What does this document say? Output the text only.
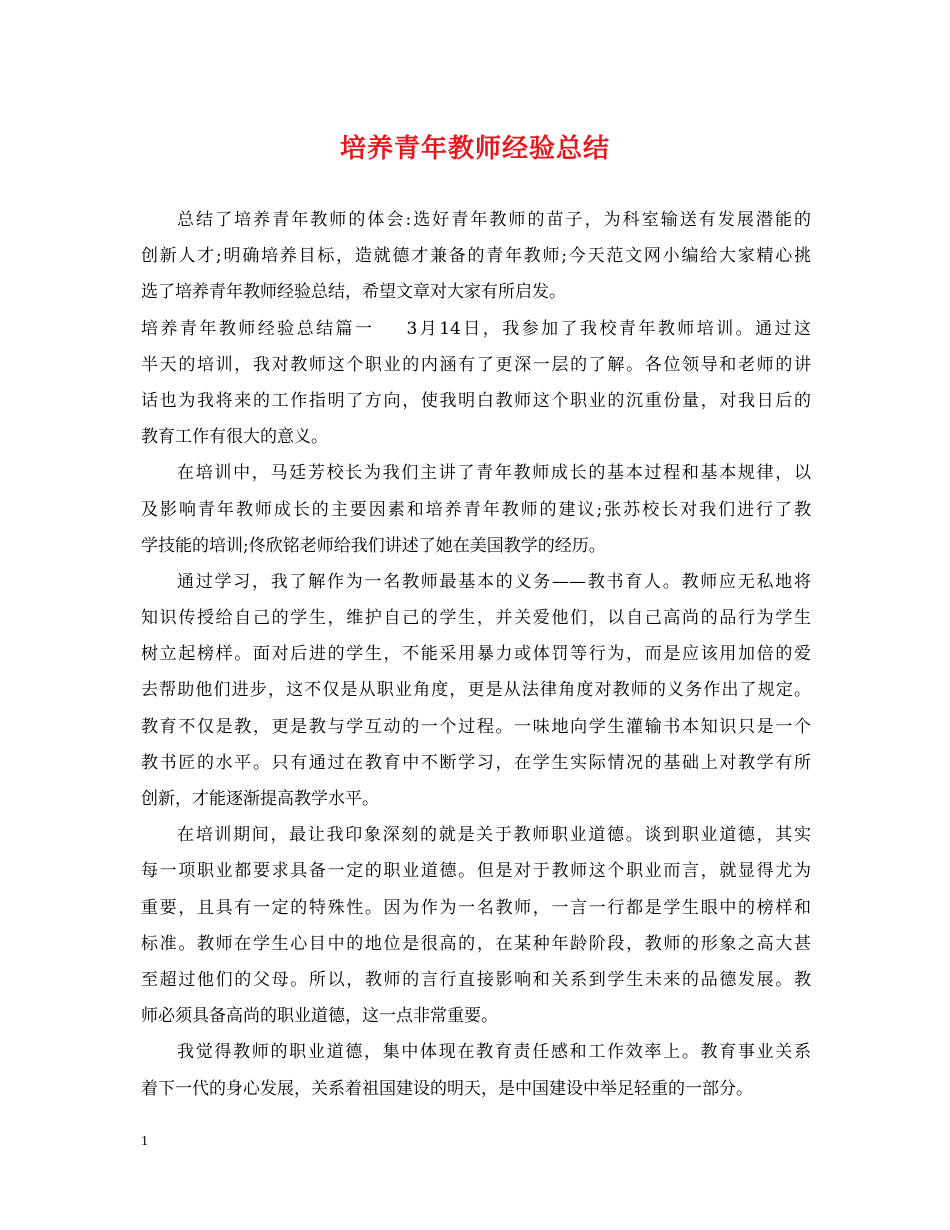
培养青年教师经验总结
总结了培养青年教师的体会:选好青年教师的苗子，为科室输送有发展潜能的
创新人才;明确培养目标，造就德才兼备的青年教师;今天范文网小编给大家精心挑
选了培养青年教师经验总结，希望文章对大家有所启发。
培养青年教师经验总结篇一 3月14日，我参加了我校青年教师培训。通过这
半天的培训，我对教师这个职业的内涵有了更深一层的了解。各位领导和老师的讲
话也为我将来的工作指明了方向，使我明白教师这个职业的沉重份量，对我日后的
教育工作有很大的意义。
在培训中，马廷芳校长为我们主讲了青年教师成长的基本过程和基本规律，以
及影响青年教师成长的主要因素和培养青年教师的建议;张苏校长对我们进行了教
学技能的培训;佟欣铭老师给我们讲述了她在美国教学的经历。
通过学习，我了解作为一名教师最基本的义务——教书育人。教师应无私地将
知识传授给自己的学生，维护自己的学生，并关爱他们，以自己高尚的品行为学生
树立起榜样。面对后进的学生，不能采用暴力或体罚等行为，而是应该用加倍的爱
去帮助他们进步，这不仅是从职业角度，更是从法律角度对教师的义务作出了规定。
教育不仅是教，更是教与学互动的一个过程。一味地向学生灌输书本知识只是一个
教书匠的水平。只有通过在教育中不断学习，在学生实际情况的基础上对教学有所
创新，才能逐渐提高教学水平。
在培训期间，最让我印象深刻的就是关于教师职业道德。谈到职业道德，其实
每一项职业都要求具备一定的职业道德。但是对于教师这个职业而言，就显得尤为
重要，且具有一定的特殊性。因为作为一名教师，一言一行都是学生眼中的榜样和
标准。教师在学生心目中的地位是很高的，在某种年龄阶段，教师的形象之高大甚
至超过他们的父母。所以，教师的言行直接影响和关系到学生未来的品德发展。教
师必须具备高尚的职业道德，这一点非常重要。
我觉得教师的职业道德，集中体现在教育责任感和工作效率上。教育事业关系
着下一代的身心发展，关系着祖国建设的明天，是中国建设中举足轻重的一部分。
1
